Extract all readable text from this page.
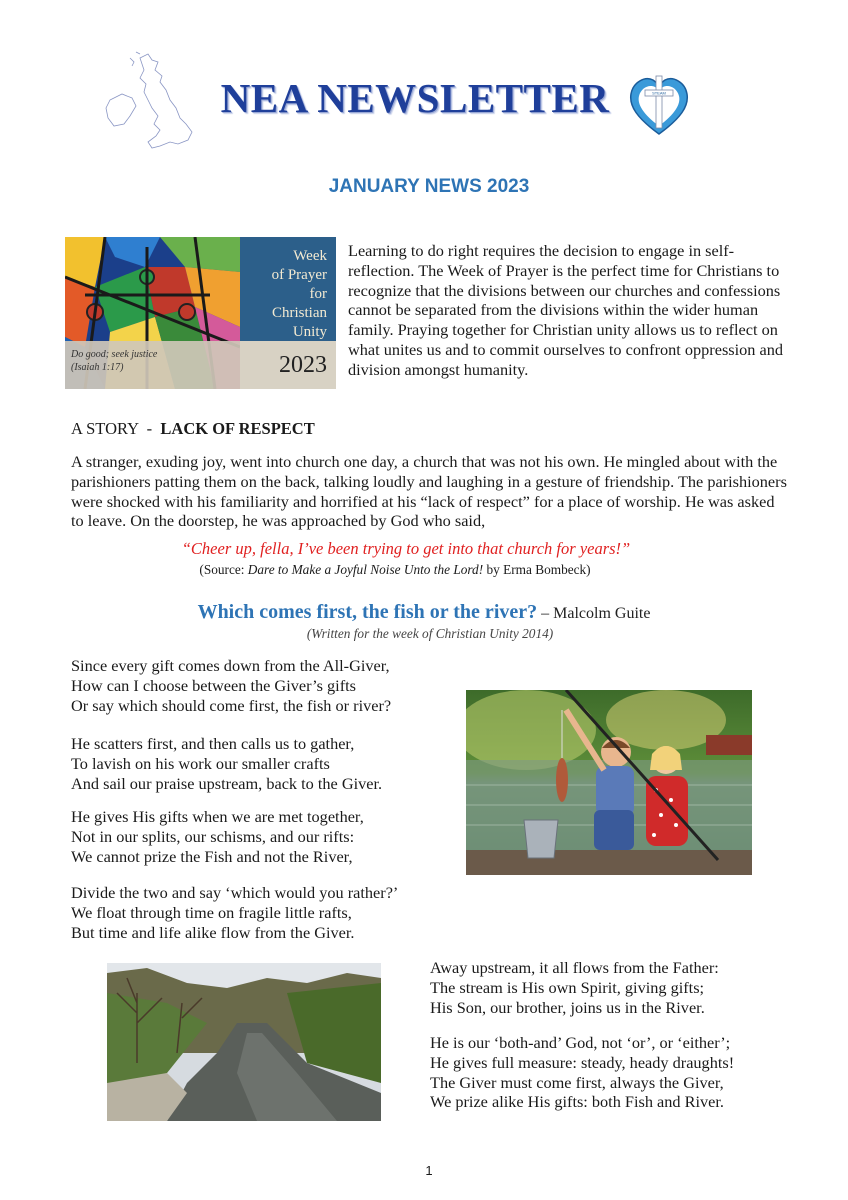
NEA NEWSLETTER	STEAM
JANUARY NEWS 2023
Do good; seek justice
(Isaiah 1:17)
Week
of Prayer
for
Christian
Unity
2023
Learning to do right requires the decision to engage in self-reflection. The Week of Prayer is the perfect time for Christians to recognize that the divisions between our churches and confessions cannot be separated from the divisions within the wider human family. Praying together for Christian unity allows us to reflect on what unites us and to commit ourselves to confront oppression and division amongst humanity.
A STORY  -  LACK OF RESPECT
A stranger, exuding joy, went into church one day, a church that was not his own. He mingled about with the parishioners patting them on the back, talking loudly and laughing in a gesture of friendship. The parishioners were shocked with his familiarity and horrified at his “lack of respect” for a place of worship. He was asked to leave. On the doorstep, he was approached by God who said,
“Cheer up, fella, I’ve been trying to get into that church for years!”
(Source: Dare to Make a Joyful Noise Unto the Lord! by Erma Bombeck)
Which comes first, the fish or the river? – Malcolm Guite
(Written for the week of Christian Unity 2014)
Since every gift comes down from the All-Giver,
How can I choose between the Giver’s gifts
Or say which should come first, the fish or river?
He scatters first, and then calls us to gather,
To lavish on his work our smaller crafts
And sail our praise upstream, back to the Giver.
He gives His gifts when we are met together,
Not in our splits, our schisms, and our rifts:
We cannot prize the Fish and not the River,
Divide the two and say ‘which would you rather?’
We float through time on fragile little rafts,
But time and life alike flow from the Giver.
Away upstream, it all flows from the Father:
The stream is His own Spirit, giving gifts;
His Son, our brother, joins us in the River.
He is our ‘both-and’ God, not ‘or’, or ‘either’;
He gives full measure: steady, heady draughts!
The Giver must come first, always the Giver,
We prize alike His gifts: both Fish and River.
1
